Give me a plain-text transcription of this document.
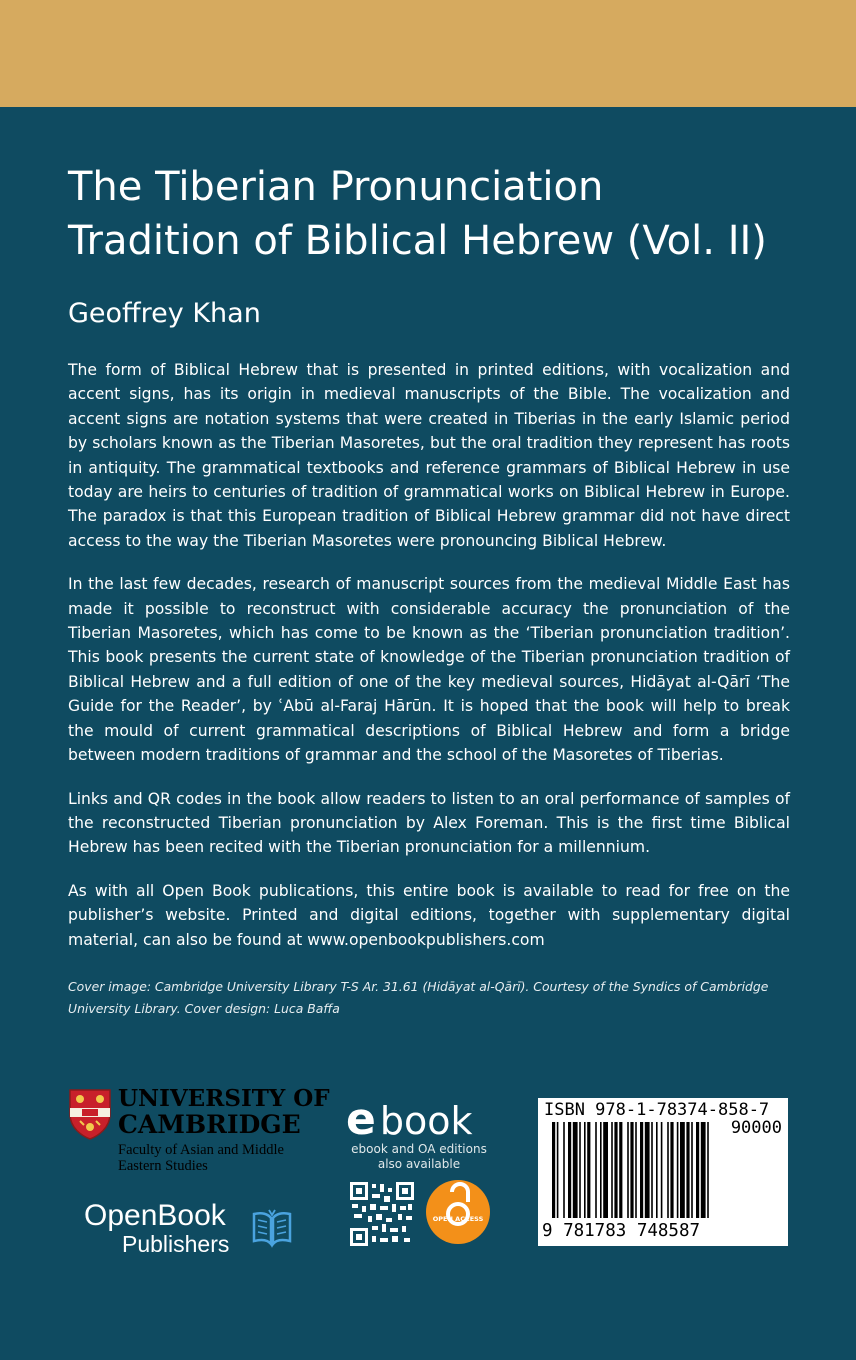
The Tiberian Pronunciation
Tradition of Biblical Hebrew (Vol. II)
Geoffrey Khan

The form of Biblical Hebrew that is presented in printed editions, with vocalization and accent signs, has its origin in medieval manuscripts of the Bible. The vocalization and accent signs are notation systems that were created in Tiberias in the early Islamic period by scholars known as the Tiberian Masoretes, but the oral tradition they represent has roots in antiquity. The grammatical textbooks and reference grammars of Biblical Hebrew in use today are heirs to centuries of tradition of grammatical works on Biblical Hebrew in Europe. The paradox is that this European tradition of Biblical Hebrew grammar did not have direct access to the way the Tiberian Masoretes were pronouncing Biblical Hebrew.

In the last few decades, research of manuscript sources from the medieval Middle East has made it possible to reconstruct with considerable accuracy the pronunciation of the Tiberian Masoretes, which has come to be known as the ‘Tiberian pronunciation tradition’. This book presents the current state of knowledge of the Tiberian pronunciation tradition of Biblical Hebrew and a full edition of one of the key medieval sources, Hidāyat al-Qārī ‘The Guide for the Reader’, by ʿAbū al-Faraj Hārūn. It is hoped that the book will help to break the mould of current grammatical descriptions of Biblical Hebrew and form a bridge between modern traditions of grammar and the school of the Masoretes of Tiberias.

Links and QR codes in the book allow readers to listen to an oral performance of samples of the reconstructed Tiberian pronunciation by Alex Foreman. This is the first time Biblical Hebrew has been recited with the Tiberian pronunciation for a millennium.

As with all Open Book publications, this entire book is available to read for free on the publisher’s website. Printed and digital editions, together with supplementary digital material, can also be found at www.openbookpublishers.com

Cover image: Cambridge University Library T-S Ar. 31.61 (Hidāyat al-Qārī). Courtesy of the Syndics of Cambridge University Library. Cover design: Luca Baffa
UNIVERSITY OF
CAMBRIDGE
Faculty of Asian and Middle Eastern Studies
OpenBook
Publishers
e book
ebook and OA editions also available
OPEN ACCESS
ISBN 978-1-78374-858-7
90000
9 781783 748587
